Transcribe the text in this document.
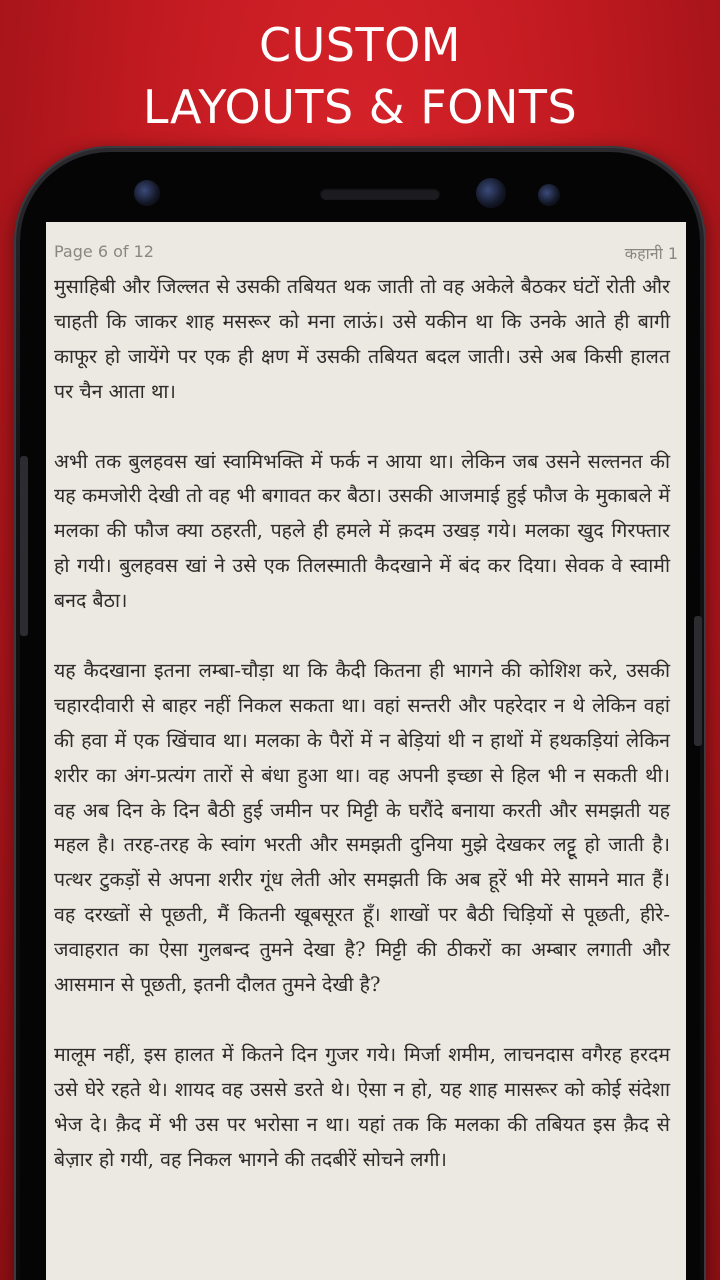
CUSTOM
LAYOUTS & FONTS
Page 6 of 12	कहानी 1

मुसाहिबी और जिल्लत से उसकी तबियत थक जाती तो वह अकेले बैठकर घंटों रोती और चाहती कि जाकर शाह मसरूर को मना लाऊं। उसे यकीन था कि उनके आते ही बागी काफूर हो जायेंगे पर एक ही क्षण में उसकी तबियत बदल जाती। उसे अब किसी हालत पर चैन आता था।

अभी तक बुलहवस खां स्वामिभक्ति में फर्क न आया था। लेकिन जब उसने सल्तनत की यह कमजोरी देखी तो वह भी बगावत कर बैठा। उसकी आजमाई हुई फौज के मुकाबले में मलका की फौज क्या ठहरती, पहले ही हमले में क़दम उखड़ गये। मलका खुद गिरफ्तार हो गयी। बुलहवस खां ने उसे एक तिलस्माती कैदखाने में बंद कर दिया। सेवक वे स्वामी बनद बैठा।

यह कैदखाना इतना लम्बा-चौड़ा था कि कैदी कितना ही भागने की कोशिश करे, उसकी चहारदीवारी से बाहर नहीं निकल सकता था। वहां सन्तरी और पहरेदार न थे लेकिन वहां की हवा में एक खिंचाव था। मलका के पैरों में न बेड़ियां थी न हाथों में हथकड़ियां लेकिन शरीर का अंग-प्रत्यंग तारों से बंधा हुआ था। वह अपनी इच्छा से हिल भी न सकती थी। वह अब दिन के दिन बैठी हुई जमीन पर मिट्टी के घरौंदे बनाया करती और समझती यह महल है। तरह-तरह के स्वांग भरती और समझती दुनिया मुझे देखकर लट्टू हो जाती है। पत्थर टुकड़ों से अपना शरीर गूंध लेती ओर समझती कि अब हूरें भी मेरे सामने मात हैं। वह दरख्तों से पूछती, मैं कितनी खूबसूरत हूँ। शाखों पर बैठी चिड़ियों से पूछती, हीरे-जवाहरात का ऐसा गुलबन्द तुमने देखा है? मिट्टी की ठीकरों का अम्बार लगाती और आसमान से पूछती, इतनी दौलत तुमने देखी है?

मालूम नहीं, इस हालत में कितने दिन गुजर गये। मिर्जा शमीम, लाचनदास वगैरह हरदम उसे घेरे रहते थे। शायद वह उससे डरते थे। ऐसा न हो, यह शाह मासरूर को कोई संदेशा भेज दे। क़ैद में भी उस पर भरोसा न था। यहां तक कि मलका की तबियत इस क़ैद से बेज़ार हो गयी, वह निकल भागने की तदबीरें सोचने लगी।
